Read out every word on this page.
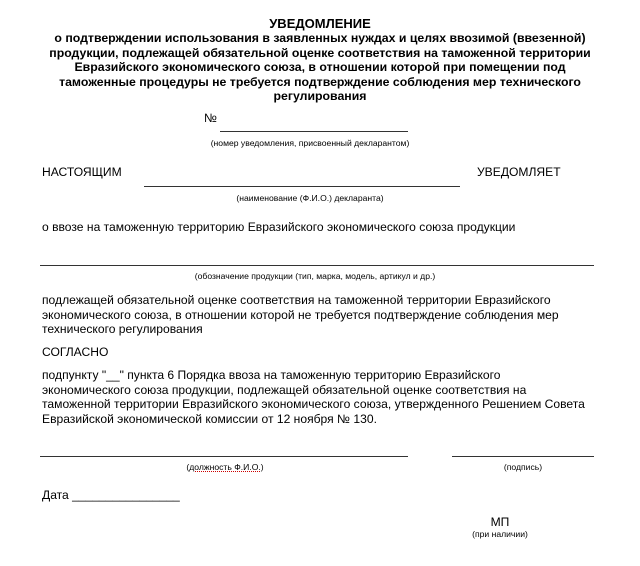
УВЕДОМЛЕНИЕ
о подтверждении использования в заявленных нуждах и целях ввозимой (ввезенной)
продукции, подлежащей обязательной оценке соответствия на таможенной территории
Евразийского экономического союза, в отношении которой при помещении под
таможенные процедуры не требуется подтверждение соблюдения мер технического
регулирования
№
(номер уведомления, присвоенный декларантом)
НАСТОЯЩИМ	УВЕДОМЛЯЕТ
(наименование (Ф.И.О.) декларанта)
о ввозе на таможенную территорию Евразийского экономического союза продукции
(обозначение продукции (тип, марка, модель, артикул и др.)
подлежащей обязательной оценке соответствия на таможенной территории Евразийского
экономического союза, в отношении которой не требуется подтверждение соблюдения мер
технического регулирования
СОГЛАСНО
подпункту "__" пункта 6 Порядка ввоза на таможенную территорию Евразийского
экономического союза продукции, подлежащей обязательной оценке соответствия на
таможенной территории Евразийского экономического союза, утвержденного Решением Совета
Евразийской экономической комиссии от 12 ноября № 130.
(должность Ф.И.О.)	(подпись)
Дата ________________
МП
(при наличии)
